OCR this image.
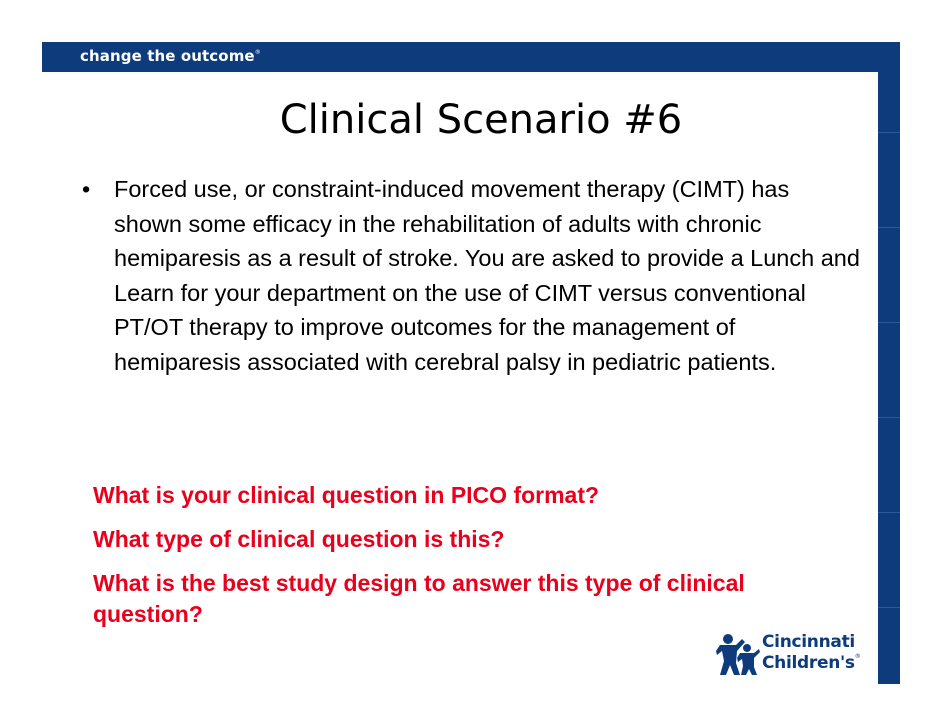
change the outcome®
Clinical Scenario #6
•	Forced use, or constraint-induced movement therapy (CIMT) has shown some efficacy in the rehabilitation of adults with chronic hemiparesis as a result of stroke. You are asked to provide a Lunch and Learn for your department on the use of CIMT versus conventional PT/OT therapy to improve outcomes for the management of hemiparesis associated with cerebral palsy in pediatric patients.
What is your clinical question in PICO format?
What type of clinical question is this?
What is the best study design to answer this type of clinical question?
Cincinnati
Children's®
